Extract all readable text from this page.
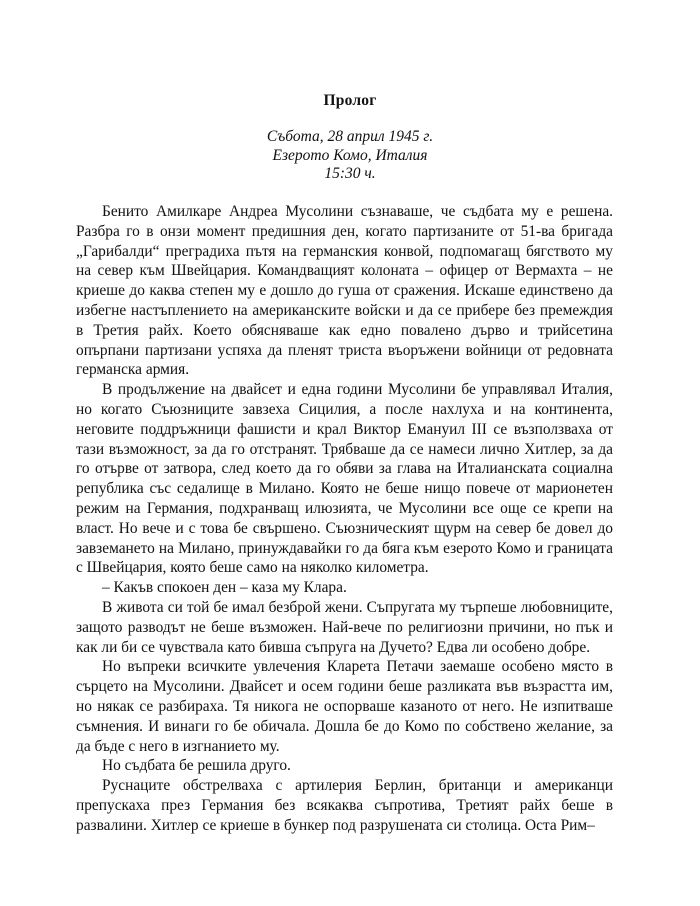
Пролог
Събота, 28 април 1945 г.
Езерото Комо, Италия
15:30 ч.

Бенито Амилкаре Андреа Мусолини съзнаваше, че съдбата му е решена. Разбра го в онзи момент предишния ден, когато партизаните от 51-ва бригада „Гарибалди“ преградиха пътя на германския конвой, подпомагащ бягството му на север към Швейцария. Командващият колоната – офицер от Вермахта – не криеше до каква степен му е дошло до гуша от сражения. Искаше единствено да избегне настъплението на американските войски и да се прибере без премеждия в Третия райх. Което обясняваше как едно повалено дърво и трийсетина опърпани партизани успяха да пленят триста въоръжени войници от редовната германска армия.

В продължение на двайсет и една години Мусолини бе управлявал Италия, но когато Съюзниците завзеха Сицилия, а после нахлуха и на континента, неговите поддръжници фашисти и крал Виктор Емануил III се възползваха от тази възможност, за да го отстранят. Трябваше да се намеси лично Хитлер, за да го отърве от затвора, след което да го обяви за глава на Италианската социална република със седалище в Милано. Която не беше нищо повече от марионетен режим на Германия, подхранващ илюзията, че Мусолини все още се крепи на власт. Но вече и с това бе свършено. Съюзническият щурм на север бе довел до завземането на Милано, принуждавайки го да бяга към езерото Комо и границата с Швейцария, която беше само на няколко километра.

– Какъв спокоен ден – каза му Клара.

В живота си той бе имал безброй жени. Съпругата му търпеше любовниците, защото разводът не беше възможен. Най-вече по религиозни причини, но пък и как ли би се чувствала като бивша съпруга на Дучето? Едва ли особено добре.

Но въпреки всичките увлечения Кларета Петачи заемаше особено място в сърцето на Мусолини. Двайсет и осем години беше разликата във възрастта им, но някак се разбираха. Тя никога не оспорваше казаното от него. Не изпитваше съмнения. И винаги го бе обичала. Дошла бе до Комо по собствено желание, за да бъде с него в изгнанието му.

Но съдбата бе решила друго.

Руснаците обстрелваха с артилерия Берлин, британци и американци препускаха през Германия без всякаква съпротива, Третият райх беше в развалини. Хитлер се криеше в бункер под разрушената си столица. Оста Рим–
